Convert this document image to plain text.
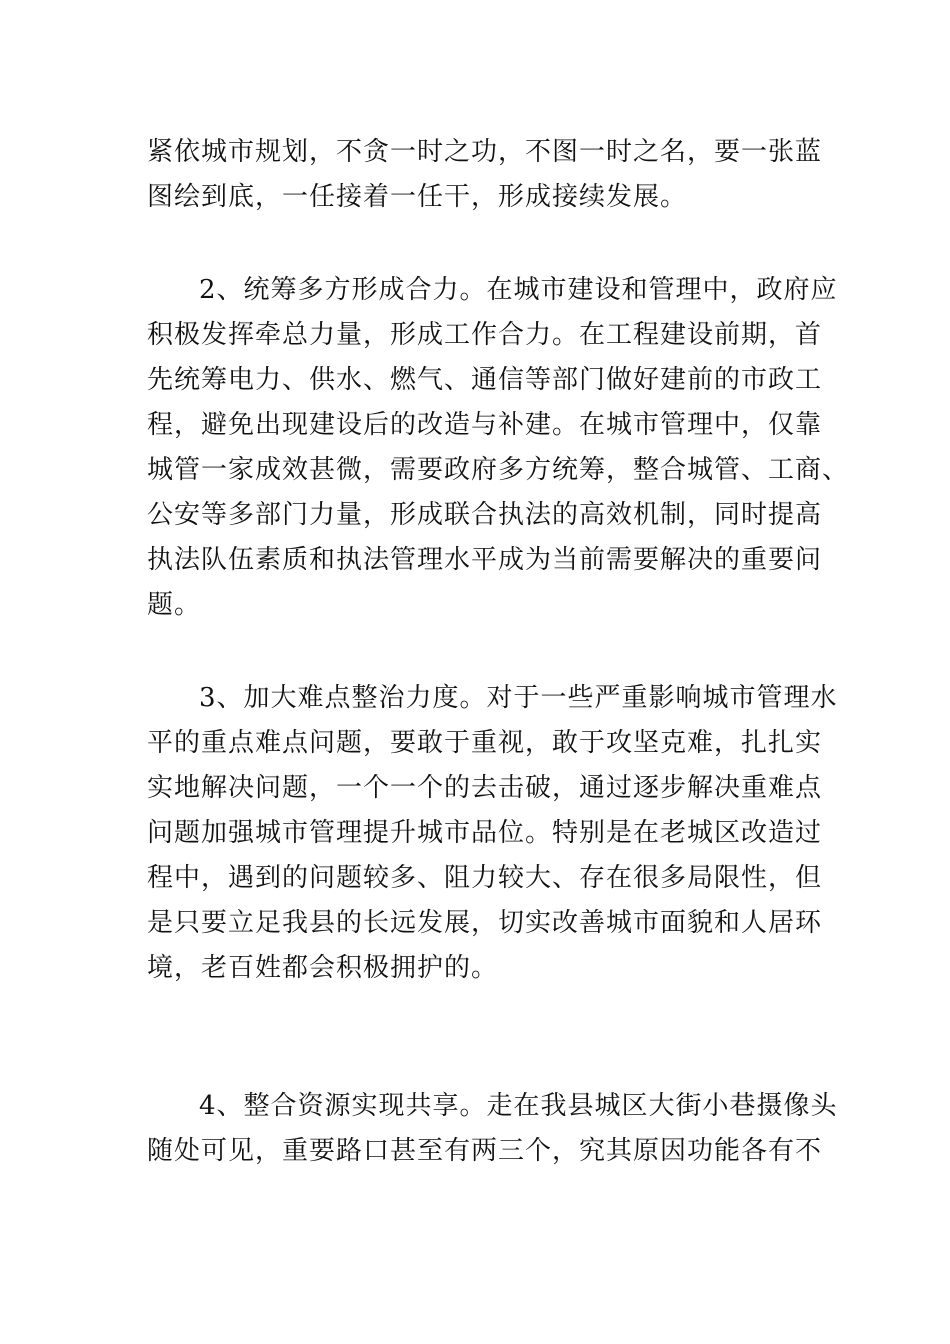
紧依城市规划，不贪一时之功，不图一时之名，要一张蓝
图绘到底，一任接着一任干，形成接续发展。
2、统筹多方形成合力。在城市建设和管理中，政府应
积极发挥牵总力量，形成工作合力。在工程建设前期，首
先统筹电力、供水、燃气、通信等部门做好建前的市政工
程，避免出现建设后的改造与补建。在城市管理中，仅靠
城管一家成效甚微，需要政府多方统筹，整合城管、工商、
公安等多部门力量，形成联合执法的高效机制，同时提高
执法队伍素质和执法管理水平成为当前需要解决的重要问
题。
3、加大难点整治力度。对于一些严重影响城市管理水
平的重点难点问题，要敢于重视，敢于攻坚克难，扎扎实
实地解决问题，一个一个的去击破，通过逐步解决重难点
问题加强城市管理提升城市品位。特别是在老城区改造过
程中，遇到的问题较多、阻力较大、存在很多局限性，但
是只要立足我县的长远发展，切实改善城市面貌和人居环
境，老百姓都会积极拥护的。
4、整合资源实现共享。走在我县城区大街小巷摄像头
随处可见，重要路口甚至有两三个，究其原因功能各有不
